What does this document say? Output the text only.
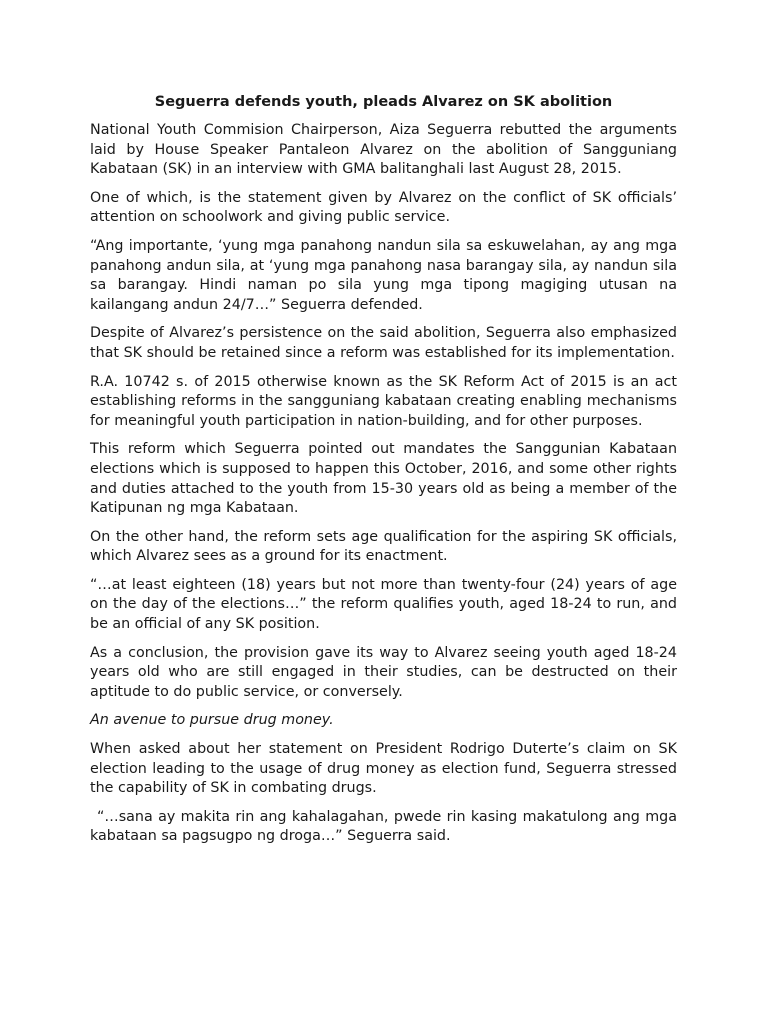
Seguerra defends youth, pleads Alvarez on SK abolition
National Youth Commision Chairperson, Aiza Seguerra rebutted the arguments laid by House Speaker Pantaleon Alvarez on the abolition of Sangguniang Kabataan (SK) in an interview with GMA balitanghali last August 28, 2015.
One of which, is the statement given by Alvarez on the conflict of SK officials’ attention on schoolwork and giving public service.
“Ang importante, ‘yung mga panahong nandun sila sa eskuwelahan, ay ang mga panahong andun sila, at ‘yung mga panahong nasa barangay sila, ay nandun sila sa barangay. Hindi naman po sila yung mga tipong magiging utusan na kailangang andun 24/7…” Seguerra defended.
Despite of Alvarez’s persistence on the said abolition, Seguerra also emphasized that SK should be retained since a reform was established for its implementation.
R.A. 10742 s. of 2015 otherwise known as the SK Reform Act of 2015 is an act establishing reforms in the sangguniang kabataan creating enabling mechanisms for meaningful youth participation in nation-building, and for other purposes.
This reform which Seguerra pointed out mandates the Sanggunian Kabataan elections which is supposed to happen this October, 2016, and some other rights and duties attached to the youth from 15-30 years old as being a member of the Katipunan ng mga Kabataan.
On the other hand, the reform sets age qualification for the aspiring SK officials, which Alvarez sees as a ground for its enactment.
“…at least eighteen (18) years but not more than twenty-four (24) years of age on the day of the elections…” the reform qualifies youth, aged 18-24 to run, and be an official of any SK position.
As a conclusion, the provision gave its way to Alvarez seeing youth aged 18-24 years old who are still engaged in their studies, can be destructed on their aptitude to do public service, or conversely.
An avenue to pursue drug money.
When asked about her statement on President Rodrigo Duterte’s claim on SK election leading to the usage of drug money as election fund, Seguerra stressed the capability of SK in combating drugs.
“…sana ay makita rin ang kahalagahan, pwede rin kasing makatulong ang mga kabataan sa pagsugpo ng droga…” Seguerra said.
